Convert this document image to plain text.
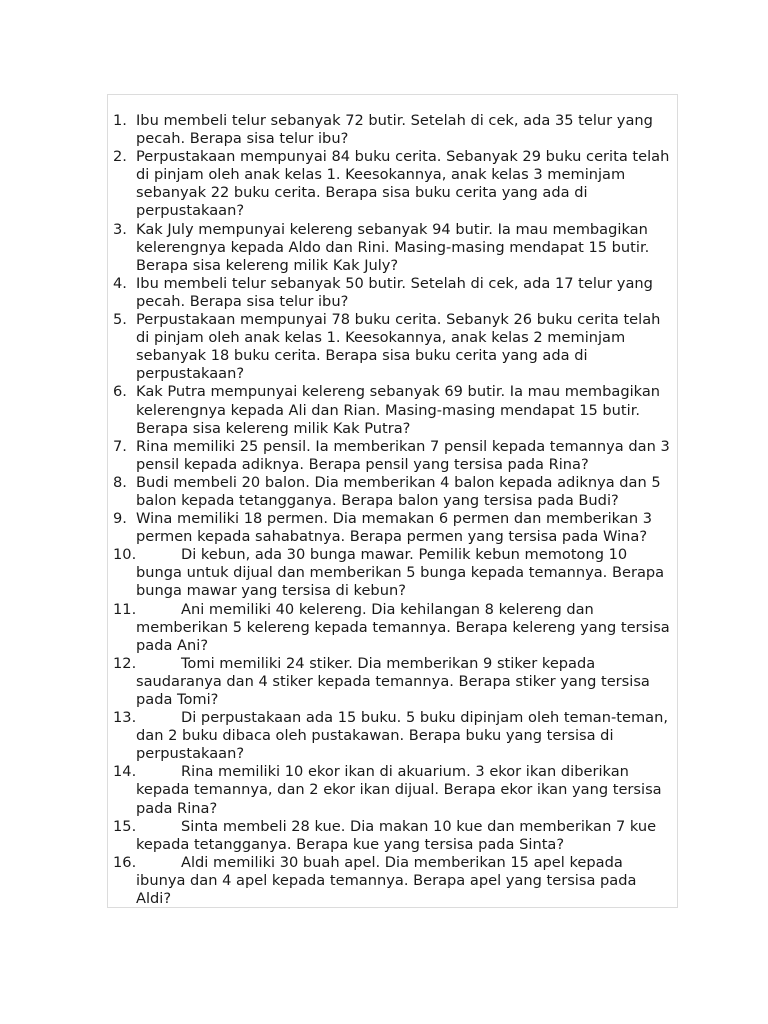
1. Ibu membeli telur sebanyak 72 butir. Setelah di cek, ada 35 telur yang pecah. Berapa sisa telur ibu?
2. Perpustakaan mempunyai 84 buku cerita. Sebanyak 29 buku cerita telah di pinjam oleh anak kelas 1. Keesokannya, anak kelas 3 meminjam sebanyak 22 buku cerita. Berapa sisa buku cerita yang ada di perpustakaan?
3. Kak July mempunyai kelereng sebanyak 94 butir. Ia mau membagikan kelerengnya kepada Aldo dan Rini. Masing-masing mendapat 15 butir. Berapa sisa kelereng milik Kak July?
4. Ibu membeli telur sebanyak 50 butir. Setelah di cek, ada 17 telur yang pecah. Berapa sisa telur ibu?
5. Perpustakaan mempunyai 78 buku cerita. Sebanyk 26 buku cerita telah di pinjam oleh anak kelas 1. Keesokannya, anak kelas 2 meminjam sebanyak 18 buku cerita. Berapa sisa buku cerita yang ada di perpustakaan?
6. Kak Putra mempunyai kelereng sebanyak 69 butir. Ia mau membagikan kelerengnya kepada Ali dan Rian. Masing-masing mendapat 15 butir. Berapa sisa kelereng milik Kak Putra?
7. Rina memiliki 25 pensil. Ia memberikan 7 pensil kepada temannya dan 3 pensil kepada adiknya. Berapa pensil yang tersisa pada Rina?
8. Budi membeli 20 balon. Dia memberikan 4 balon kepada adiknya dan 5 balon kepada tetangganya. Berapa balon yang tersisa pada Budi?
9. Wina memiliki 18 permen. Dia memakan 6 permen dan memberikan 3 permen kepada sahabatnya. Berapa permen yang tersisa pada Wina?
10.	Di kebun, ada 30 bunga mawar. Pemilik kebun memotong 10 bunga untuk dijual dan memberikan 5 bunga kepada temannya. Berapa bunga mawar yang tersisa di kebun?
11.	Ani memiliki 40 kelereng. Dia kehilangan 8 kelereng dan memberikan 5 kelereng kepada temannya. Berapa kelereng yang tersisa pada Ani?
12.	Tomi memiliki 24 stiker. Dia memberikan 9 stiker kepada saudaranya dan 4 stiker kepada temannya. Berapa stiker yang tersisa pada Tomi?
13.	Di perpustakaan ada 15 buku. 5 buku dipinjam oleh teman-teman, dan 2 buku dibaca oleh pustakawan. Berapa buku yang tersisa di perpustakaan?
14.	Rina memiliki 10 ekor ikan di akuarium. 3 ekor ikan diberikan kepada temannya, dan 2 ekor ikan dijual. Berapa ekor ikan yang tersisa pada Rina?
15.	Sinta membeli 28 kue. Dia makan 10 kue dan memberikan 7 kue kepada tetangganya. Berapa kue yang tersisa pada Sinta?
16.	Aldi memiliki 30 buah apel. Dia memberikan 15 apel kepada ibunya dan 4 apel kepada temannya. Berapa apel yang tersisa pada Aldi?
